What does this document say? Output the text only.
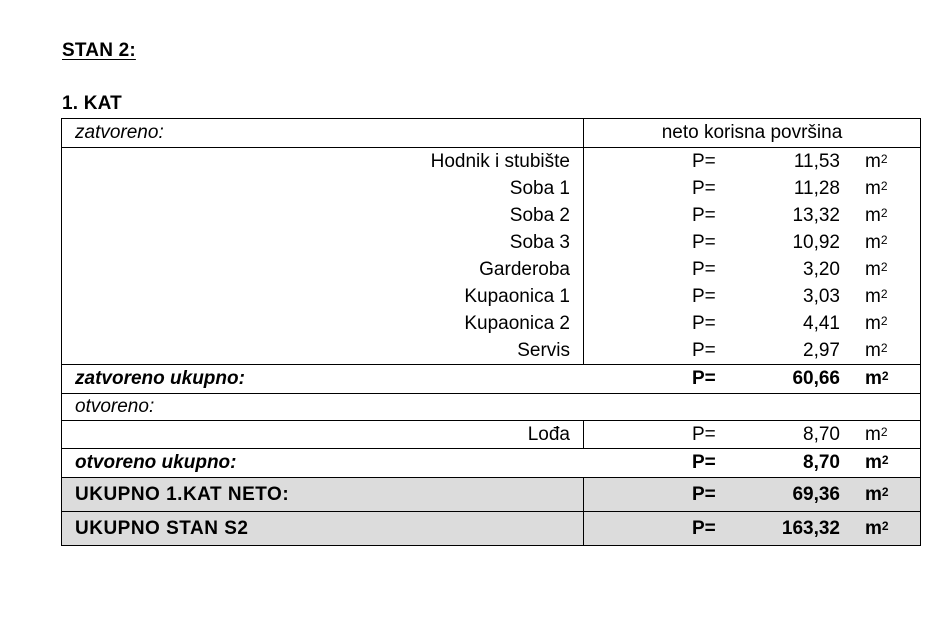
STAN 2:
1. KAT
zatvoreno:	neto korisna površina
Hodnik i stubište	P=	11,53 $m^2$
Soba 1	P=	11,28 $m^2$
Soba 2	P=	13,32 $m^2$
Soba 3	P=	10,92 $m^2$
Garderoba	P=	3,20 $m^2$
Kupaonica 1	P=	3,03 $m^2$
Kupaonica 2	P=	4,41 $m^2$
Servis	P=	2,97 $m^2$
zatvoreno ukupno:	P=	60,66 $m^2$
otvoreno:
Lođa	P=	8,70 $m^2$
otvoreno ukupno:	P=	8,70 $m^2$
UKUPNO 1.KAT NETO:	P=	69,36 $m^2$
UKUPNO STAN S2	P=	163,32 $m^2$
